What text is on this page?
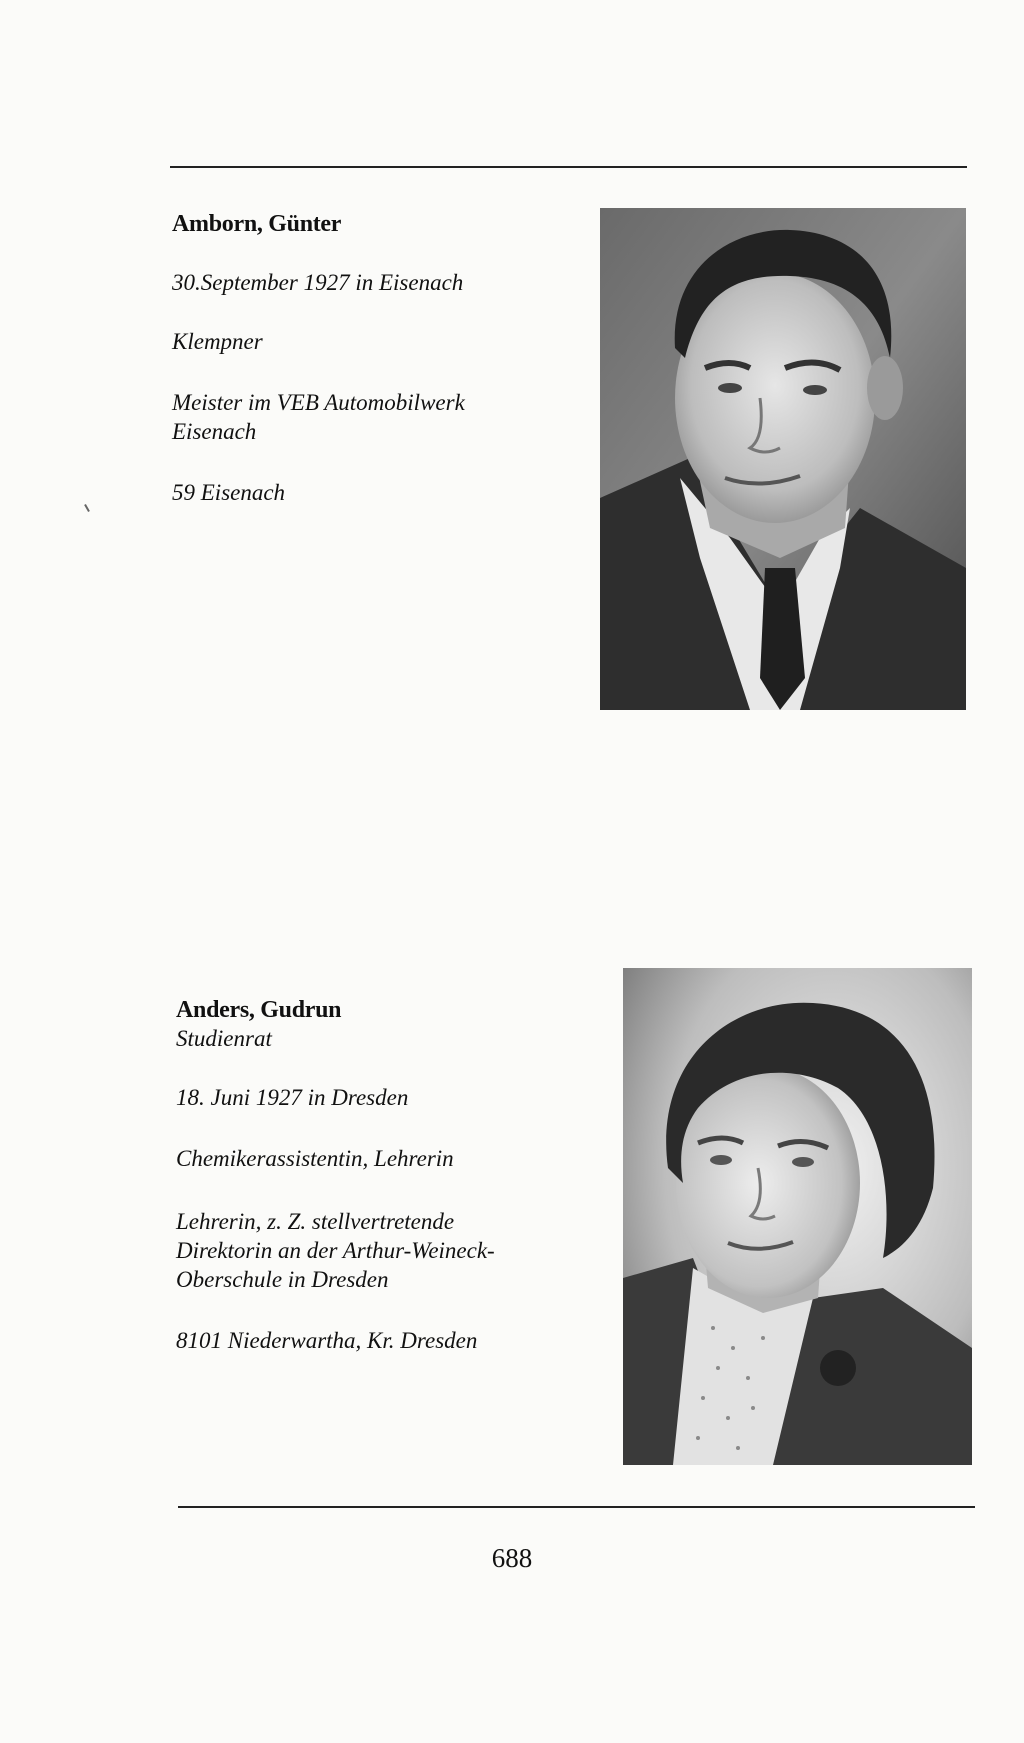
Amborn, Günter
30.September 1927 in Eisenach
Klempner
Meister im VEB Automobilwerk
Eisenach
59 Eisenach
Anders, Gudrun
Studienrat
18. Juni 1927 in Dresden
Chemikerassistentin, Lehrerin
Lehrerin, z. Z. stellvertretende
Direktorin an der Arthur-Weineck-
Oberschule in Dresden
8101 Niederwartha, Kr. Dresden
688
